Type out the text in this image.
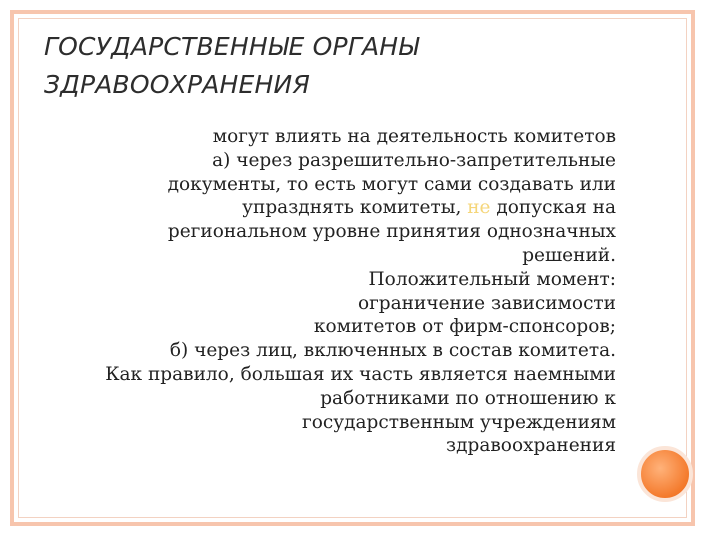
ГОСУДАРСТВЕННЫЕ ОРГАНЫ
ЗДРАВООХРАНЕНИЯ
могут влиять на деятельность комитетов
а) через разрешительно-запретительные
документы, то есть могут сами создавать или
упразднять комитеты, не допуская на
региональном уровне принятия однозначных
решений.
Положительный момент:
ограничение зависимости
комитетов от фирм-спонсоров;
б) через лиц, включенных в состав комитета.
Как правило, большая их часть является наемными
работниками по отношению к
государственным учреждениям
здравоохранения
